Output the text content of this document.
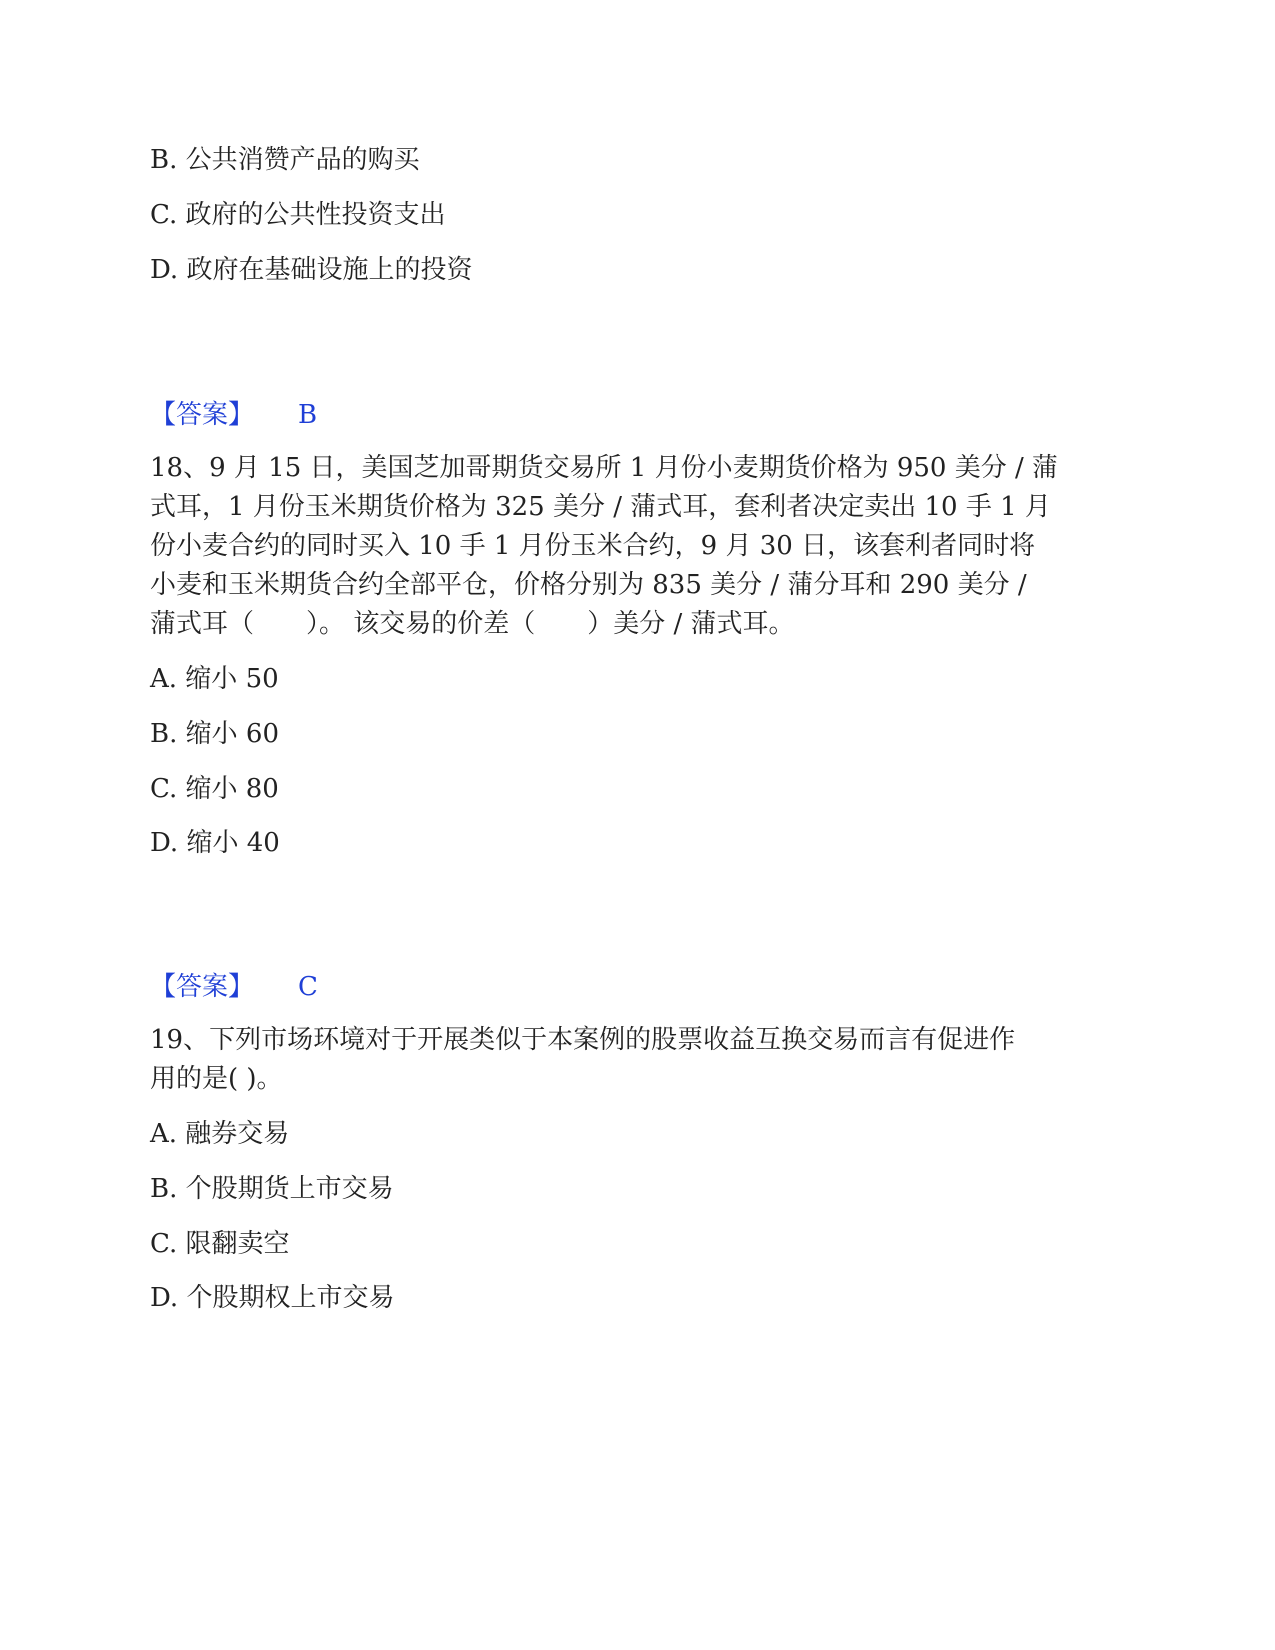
B. 公共消赞产品的购买
C. 政府的公共性投资支出
D. 政府在基础设施上的投资
【答案】 B
18、9 月 15 日，美国芝加哥期货交易所 1 月份小麦期货价格为 950 美分 / 蒲
式耳，1 月份玉米期货价格为 325 美分 / 蒲式耳，套利者决定卖出 10 手 1 月
份小麦合约的同时买入 10 手 1 月份玉米合约，9 月 30 日，该套利者同时将
小麦和玉米期货合约全部平仓，价格分别为 835 美分 / 蒲分耳和 290 美分 /
蒲式耳（　　）。 该交易的价差（　　）美分 / 蒲式耳。
A. 缩小 50
B. 缩小 60
C. 缩小 80
D. 缩小 40
【答案】 C
19、下列市场环境对于开展类似于本案例的股票收益互换交易而言有促进作
用的是( )。
A. 融券交易
B. 个股期货上市交易
C. 限翻卖空
D. 个股期权上市交易
